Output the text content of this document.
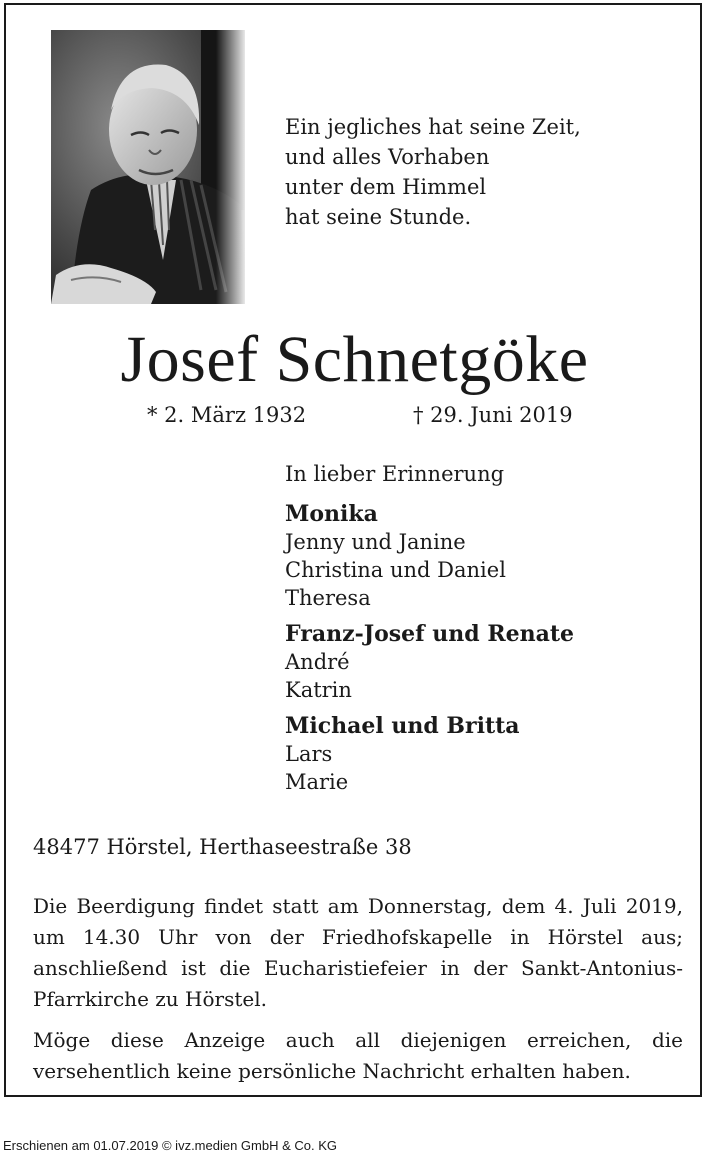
Ein jegliches hat seine Zeit,
und alles Vorhaben
unter dem Himmel
hat seine Stunde.
Josef Schnetgöke
* 2. März 1932	† 29. Juni 2019
In lieber Erinnerung
Monika
Jenny und Janine
Christina und Daniel
Theresa
Franz-Josef und Renate
André
Katrin
Michael und Britta
Lars
Marie
48477 Hörstel, Herthaseestraße 38

Die Beerdigung findet statt am Donnerstag, dem 4. Juli 2019, um 14.30 Uhr von der Friedhofskapelle in Hörstel aus; anschließend ist die Eucharistiefeier in der Sankt-Antonius-Pfarrkirche zu Hörstel.

Möge diese Anzeige auch all diejenigen erreichen, die versehentlich keine persönliche Nachricht erhalten haben.

Erschienen am 01.07.2019 © ivz.medien GmbH & Co. KG
